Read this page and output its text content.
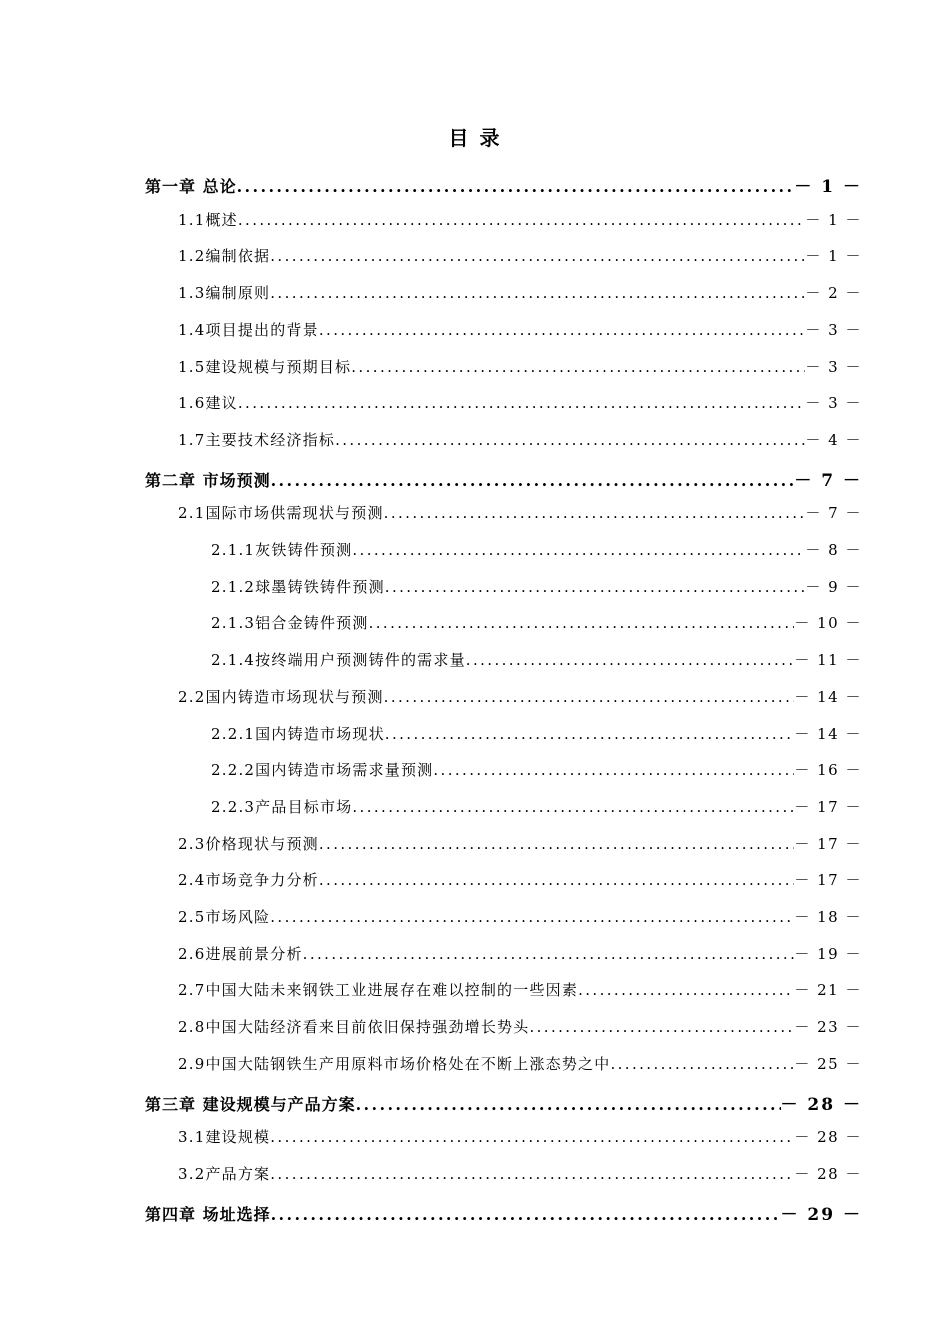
目 录
第一章 总论 .....	－ 1 －
1.1概述 .....	－ 1 －
1.2编制依据 .....	－ 1 －
1.3编制原则 .....	－ 2 －
1.4项目提出的背景 .....	－ 3 －
1.5建设规模与预期目标 .....	－ 3 －
1.6建议 .....	－ 3 －
1.7主要技术经济指标 .....	－ 4 －
第二章 市场预测 .....	－ 7 －
2.1国际市场供需现状与预测 .....	－ 7 －
2.1.1灰铁铸件预测 .....	－ 8 －
2.1.2球墨铸铁铸件预测 .....	－ 9 －
2.1.3铝合金铸件预测 .....	－ 10 －
2.1.4按终端用户预测铸件的需求量 .....	－ 11 －
2.2国内铸造市场现状与预测 .....	－ 14 －
2.2.1国内铸造市场现状 .....	－ 14 －
2.2.2国内铸造市场需求量预测 .....	－ 16 －
2.2.3产品目标市场 .....	－ 17 －
2.3价格现状与预测 .....	－ 17 －
2.4市场竞争力分析 .....	－ 17 －
2.5市场风险 .....	－ 18 －
2.6进展前景分析 .....	－ 19 －
2.7中国大陆未来钢铁工业进展存在难以控制的一些因素 .....	－ 21 －
2.8中国大陆经济看来目前依旧保持强劲增长势头 .....	－ 23 －
2.9中国大陆钢铁生产用原料市场价格处在不断上涨态势之中 .....	－ 25 －
第三章 建设规模与产品方案 .....	－ 28 －
3.1建设规模 .....	－ 28 －
3.2产品方案 .....	－ 28 －
第四章 场址选择 .....	－ 29 －
